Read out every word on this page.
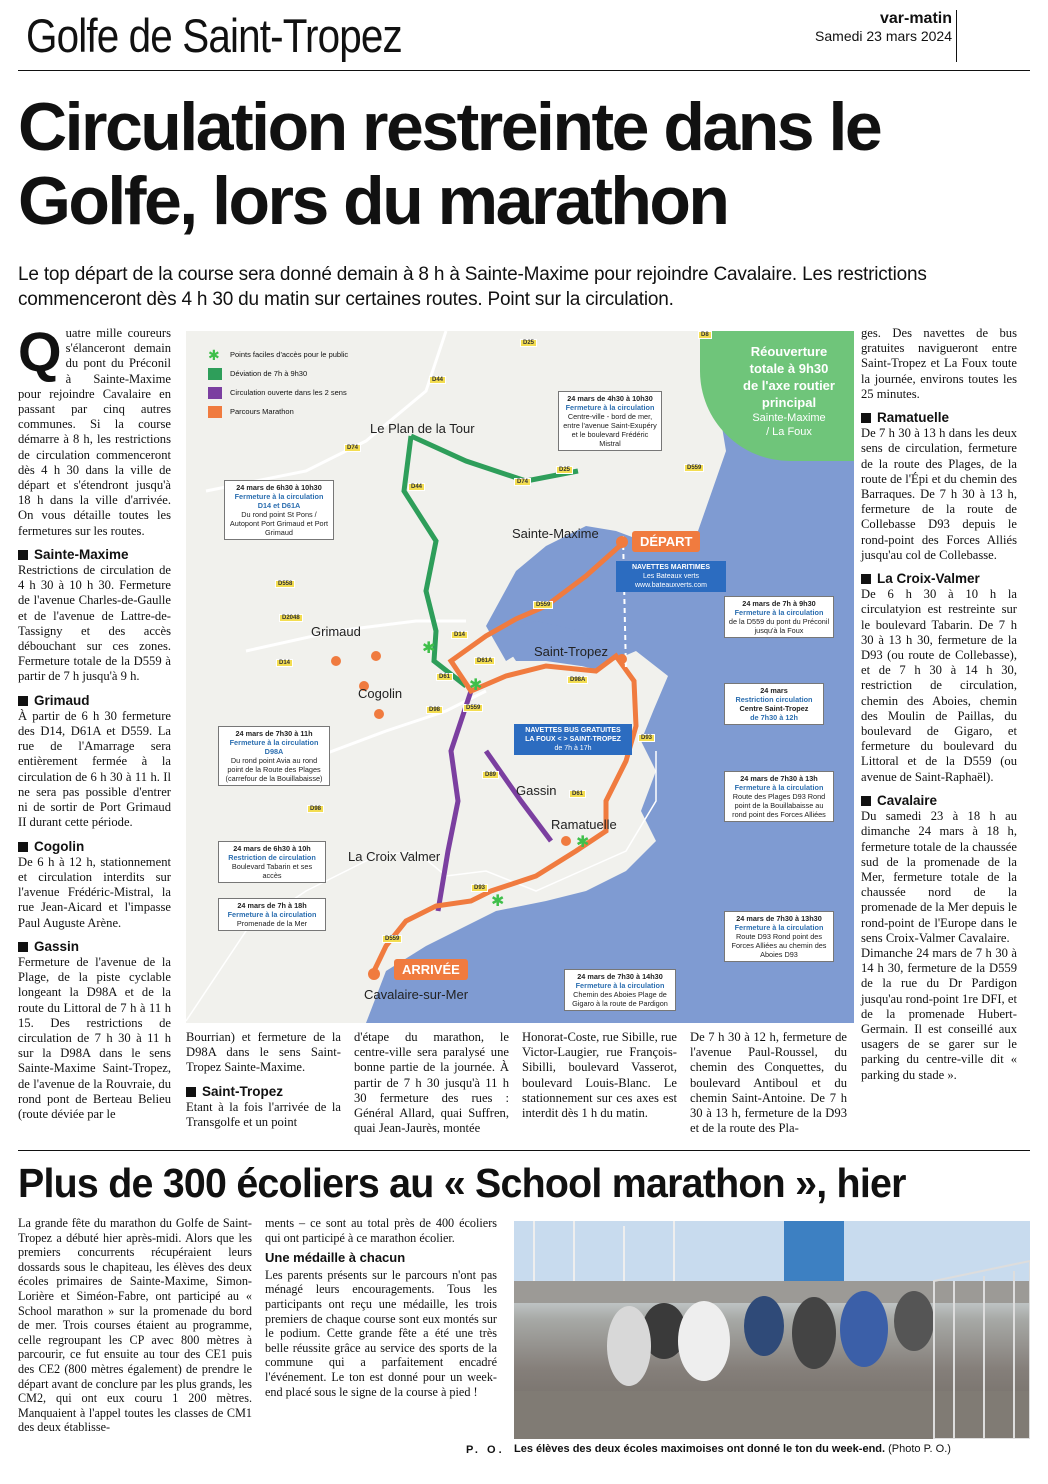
Golfe de Saint-Tropez	var-matin
Samedi 23 mars 2024
Circulation restreinte dans le Golfe, lors du marathon
Le top départ de la course sera donné demain à 8 h à Sainte-Maxime pour rejoindre Cavalaire. Les restrictions commenceront dès 4 h 30 du matin sur certaines routes. Point sur la circulation.

Quatre mille coureurs s'élanceront demain du pont du Préconil à Sainte-Maxime pour rejoindre Cavalaire en passant par cinq autres communes. Si la course démarre à 8 h, les restrictions de circulation commenceront dès 4 h 30 dans la ville de départ et s'étendront jusqu'à 18 h dans la ville d'arrivée. On vous détaille toutes les fermetures sur les routes.

Sainte-Maxime

Restrictions de circulation de 4 h 30 à 10 h 30. Fermeture de l'avenue Charles-de-Gaulle et de l'avenue de Lattre-de-Tassigny et des accès débouchant sur ces zones. Fermeture totale de la D559 à partir de 7 h jusqu'à 9 h.

Grimaud

À partir de 6 h 30 fermeture des D14, D61A et D559. La rue de l'Amarrage sera entièrement fermée à la circulation de 6 h 30 à 11 h. Il ne sera pas possible d'entrer ni de sortir de Port Grimaud II durant cette période.

Cogolin

De 6 h à 12 h, stationnement et circulation interdits sur l'avenue Frédéric-Mistral, la rue Jean-Aicard et l'impasse Paul Auguste Arène.

Gassin

Fermeture de l'avenue de la Plage, de la piste cyclable longeant la D98A et de la route du Littoral de 7 h à 11 h 15. Des restrictions de circulation de 7 h 30 à 11 h sur la D98A dans le sens Sainte-Maxime Saint-Tropez, de l'avenue de la Rouvraie, du rond pont de Berteau Belieu (route déviée par le

✱
✱
✱
✱
✱	Points faciles d'accès pour le public
Déviation de 7h à 9h30
Circulation ouverte dans les 2 sens
Parcours Marathon
Réouverture
totale à 9h30
de l'axe routier
principal
Sainte-Maxime
/ La Foux
Le Plan de la Tour
Sainte-Maxime
Grimaud
Cogolin
Saint-Tropez
Gassin
Ramatuelle
La Croix Valmer
Cavalaire-sur-Mer
DÉPART
ARRIVÉE
NAVETTES MARITIMES
Les Bateaux verts
www.bateauxverts.com
NAVETTES BUS GRATUITES
LA FOUX < > SAINT-TROPEZ
de 7h à 17h
D25
D25
D8
D44
D44
D74
D74
D559
D559
D559
D559
D558
D2048
D14
D14
D61A
D61
D61
D98
D98A
D98
D89
D93
D93
24 mars de 4h30 à 10h30
Fermeture à la circulation
Centre-ville - bord de mer, entre l'avenue Saint-Exupéry et le boulevard Frédéric Mistral
24 mars de 6h30 à 10h30
Fermeture à la circulation D14 et D61A
Du rond point St Pons / Autopont Port Grimaud et Port Grimaud
24 mars de 7h à 9h30
Fermeture à la circulation
de la D559 du pont du Préconil jusqu'à la Foux
24 mars
Restriction circulation
Centre Saint-Tropez
de 7h30 à 12h
24 mars de 7h30 à 11h
Fermeture à la circulation D98A
Du rond point Avia au rond point de la Route des Plages (carrefour de la Bouillabaisse)	24 mars de 7h30 à 13h
Fermeture à la circulation
Route des Plages D93 Rond point de la Bouillabaisse au rond point des Forces Alliées
24 mars de 6h30 à 10h
Restriction de circulation
Boulevard Tabarin et ses accès
24 mars de 7h à 18h
Fermeture à la circulation
Promenade de la Mer
24 mars de 7h30 à 13h30
Fermeture à la circulation
Route D93 Rond point des Forces Alliées au chemin des Aboies D93
24 mars de 7h30 à 14h30
Fermeture à la circulation
Chemin des Aboies Plage de Gigaro à la route de Pardigon

Bourrian) et fermeture de la D98A dans le sens Saint-Tropez Sainte-Maxime.

Saint-Tropez

Etant à la fois l'arrivée de la Transgolfe et un point

d'étape du marathon, le centre-ville sera paralysé une bonne partie de la journée. À partir de 7 h 30 jusqu'à 11 h 30 fermeture des rues : Général Allard, quai Suffren, quai Jean-Jaurès, montée

Honorat-Coste, rue Sibille, rue Victor-Laugier, rue François-Sibilli, boulevard Vasserot, boulevard Louis-Blanc. Le stationnement sur ces axes est interdit dès 1 h du matin.

De 7 h 30 à 12 h, fermeture de l'avenue Paul-Roussel, du chemin des Conquettes, du boulevard Antiboul et du chemin Saint-Antoine. De 7 h 30 à 13 h, fermeture de la D93 et de la route des Pla-

ges. Des navettes de bus gratuites navigueront entre Saint-Tropez et La Foux toute la journée, environs toutes les 25 minutes.

Ramatuelle

De 7 h 30 à 13 h dans les deux sens de circulation, fermeture de la route des Plages, de la route de l'Épi et du chemin des Barraques. De 7 h 30 à 13 h, fermeture de la route de Collebasse D93 depuis le rond-point des Forces Alliés jusqu'au col de Collebasse.

La Croix-Valmer

De 6 h 30 à 10 h la circulatyion est restreinte sur le boulevard Tabarin. De 7 h 30 à 13 h 30, fermeture de la D93 (ou route de Collebasse), et de 7 h 30 à 14 h 30, restriction de circulation, chemin des Aboies, chemin des Moulin de Paillas, du boulevard de Gigaro, et fermeture du boulevard du Littoral et de la D559 (ou avenue de Saint-Raphaël).

Cavalaire

Du samedi 23 à 18 h au dimanche 24 mars à 18 h, fermeture totale de la chaussée sud de la promenade de la Mer, fermeture totale de la chaussée nord de la promenade de la Mer depuis le rond-point de l'Europe dans le sens Croix-Valmer Cavalaire.

Dimanche 24 mars de 7 h 30 à 14 h 30, fermeture de la D559 de la rue du Dr Pardigon jusqu'au rond-point 1re DFI, et de la promenade Hubert-Germain. Il est conseillé aux usagers de se garer sur le parking du centre-ville dit « parking du stade ».

Plus de 300 écoliers au « School marathon », hier

La grande fête du marathon du Golfe de Saint-Tropez a débuté hier après-midi. Alors que les premiers concurrents récupéraient leurs dossards sous le chapiteau, les élèves des deux écoles primaires de Sainte-Maxime, Simon-Lorière et Siméon-Fabre, ont participé au « School marathon » sur la promenade du bord de mer. Trois courses étaient au programme, celle regroupant les CP avec 800 mètres à parcourir, ce fut ensuite au tour des CE1 puis des CE2 (800 mètres également) de prendre le départ avant de conclure par les plus grands, les CM2, qui ont eux couru 1 200 mètres. Manquaient à l'appel toutes les classes de CM1 des deux établisse-

ments – ce sont au total près de 400 écoliers qui ont participé à ce marathon écolier.

Une médaille à chacun

Les parents présents sur le parcours n'ont pas ménagé leurs encouragements. Tous les participants ont reçu une médaille, les trois premiers de chaque course sont eux montés sur le podium. Cette grande fête a été une très belle réussite grâce au service des sports de la commune qui a parfaitement encadré l'événement. Le ton est donné pour un week-end placé sous le signe de la course à pied !

P. O. Les élèves des deux écoles maximoises ont donné le ton du week-end. (Photo P. O.)
